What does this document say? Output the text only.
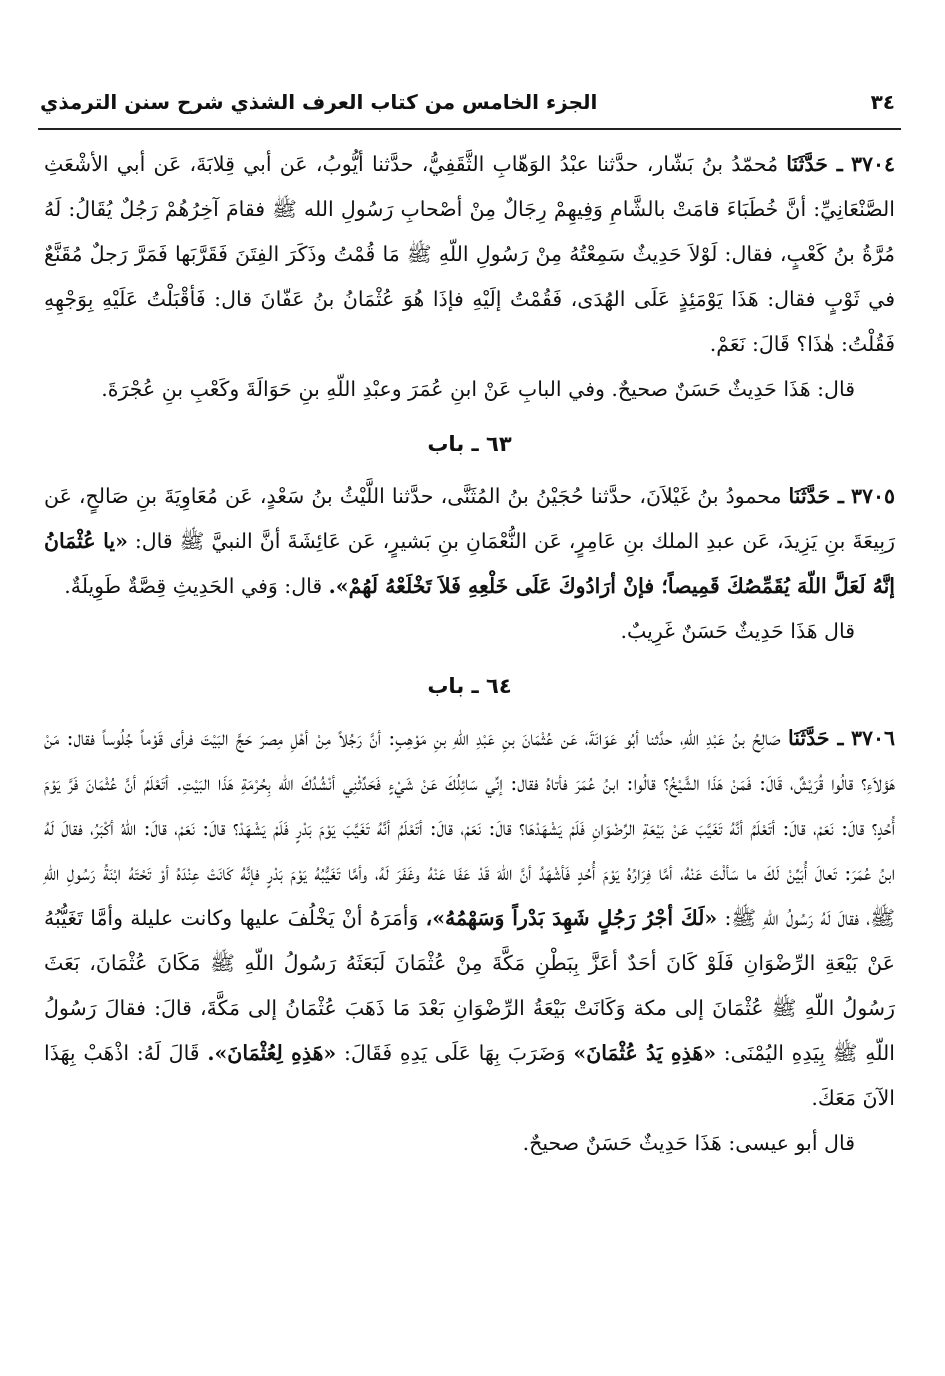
٣٤
الجزء الخامس من كتاب العرف الشذي شرح سنن الترمذي

٣٧٠٤ ـ حَدَّثَنَا مُحمّدُ بنُ بَشّار، حدَّثنا عبْدُ الوَهّابِ الثَّقَفِيُّ، حدَّثنا أيُّوبُ، عَن أبي قِلابَةَ، عَن أبي الأشْعَثِ الصَّنْعَانِيِّ: أنَّ خُطَبَاءَ قامَتْ بالشَّامِ وَفِيهِمْ رِجَالٌ مِنْ أصْحابِ رَسُولِ الله ﷺ فقامَ آخِرُهُمْ رَجُلٌ يُقَالُ: لَهُ مُرَّةُ بنُ كَعْبٍ، فقال: لَوْلاَ حَدِيثٌ سَمِعْتُهُ مِنْ رَسُولِ اللّهِ ﷺ مَا قُمْتُ وذَكَرَ الفِتَنَ فَقَرَّبَها فَمَرَّ رَجلٌ مُقَنَّعٌ في ثَوْبٍ فقال: هَذَا يَوْمَئِذٍ عَلَى الهُدَى، فَقُمْتُ إلَيْهِ فإذَا هُوَ عُثْمَانُ بنُ عَفّانَ قال: فَأقْبَلْتُ عَلَيْهِ بِوَجْهِهِ فَقُلْتُ: هٰذَا؟ قَالَ: نَعَمْ.

قال: هَذَا حَدِيثٌ حَسَنٌ صحيحٌ. وفي البابِ عَنْ ابنِ عُمَرَ وعبْدِ اللّهِ بنِ حَوَالَةَ وكَعْبِ بنِ عُجْرَةَ.

٦٣ ـ باب

٣٧٠٥ ـ حَدَّثَنَا محمودُ بنُ غَيْلاَنَ، حدَّثنا حُجَيْنُ بنُ المُثَنَّى، حدَّثنا اللَّيْثُ بنُ سَعْدٍ، عَن مُعَاوِيَةَ بنِ صَالحٍ، عَن رَبِيعَةَ بنِ يَزِيدَ، عَن عبدِ الملك بنِ عَامِرٍ، عَن النُّعْمَانِ بنِ بَشيرٍ، عَن عَائِشَةَ أنَّ النبيَّ ﷺ قال: «يا عُثْمَانُ إنَّهُ لَعَلَّ اللّهَ يُقَمِّصُكَ قَمِيصاً؛ فإنْ أرَادُوكَ عَلَى خَلْعِهِ فَلاَ تَخْلَعْهُ لَهُمْ». قال: وَفي الحَدِيثِ قِصَّةٌ طَوِيلَةٌ.

قال هَذَا حَدِيثٌ حَسَنٌ غَرِيبٌ.

٦٤ ـ باب

٣٧٠٦ ـ حَدَّثَنَا صَالِحُ بنُ عَبْدِ اللّهِ، حدَّثنا أبُو عَوَانَةَ، عَن عُثْمَانَ بنِ عَبْدِ اللّهِ بنِ مَوْهِبٍ: أنَّ رَجُلاً مِنْ أهْلِ مِصرَ حَجَّ البَيْتَ فرأى قَوْماً جُلُوساً فقال: مَنْ هَؤلاَءِ؟ قالُوا قُرَيْشٌ، قَالَ: فَمَنْ هَذَا الشَّيْخُ؟ قالُوا: ابنُ عُمَرَ فأتاهُ فقال: إنِّي سَائِلُكَ عَنْ شَيْءٍ فَحَدِّثْنِي أنْشُدُكَ الله بِحُرْمَةِ هَذَا البَيْتِ. أتَعْلَمُ أنَّ عُثْمَانَ فَرَّ يَوْمَ أُحُدٍ؟ قالَ: نَعَمْ، قالَ: أتَعْلَمُ أنَّهُ تَغَيَّبَ عَنْ بَيْعَةِ الرِّضْوَانِ فَلَمْ يَشْهَدْهَا؟ قالَ: نَعَمْ، قالَ: أتَعْلَمُ أنَّهُ تَغَيَّبَ يَوْمَ بَدْرٍ فَلَمْ يَشْهَدْ؟ قالَ: نَعَمْ، قالَ: اللّهُ أكْبَرُ، فقالَ لَهُ ابنُ عُمَرَ: تَعالَ أُبَيِّنْ لَكَ ما سَألْتَ عَنْهُ، أمَّا فِرَارُهُ يَوْمَ أُحُدٍ فَأشْهَدُ أنَّ اللّهَ قَدْ عَفَا عَنْهُ وغَفَرَ لَهُ، وأمَّا تَغَيُّبُهُ يَوْمَ بَدْرٍ فإنَّهُ كَانَتْ عِنْدَهُ أوْ تَحْتَهُ ابْنَةُ رَسُولِ اللّهِ ﷺ، فقالَ لَهُ رَسُولُ اللّهِ ﷺ: «لَكَ أجْرُ رَجُلٍ شَهِدَ بَدْراً وَسَهْمُهُ»، وَأمَرَهُ أنْ يَخْلُفَ عليها وكانت عليلة وأمَّا تَغَيُّبُهُ عَنْ بَيْعَةِ الرِّضْوَانِ فَلَوْ كَانَ أحَدٌ أعَزَّ بِبَطْنِ مَكَّةَ مِنْ عُثْمَانَ لَبَعَثَهُ رَسُولُ اللّهِ ﷺ مَكَانَ عُثْمَانَ، بَعَثَ رَسُولُ اللّهِ ﷺ عُثْمَانَ إلى مكة وَكَانَتْ بَيْعَةُ الرِّضْوَانِ بَعْدَ مَا ذَهَبَ عُثْمَانُ إلى مَكَّةَ، قالَ: فقالَ رَسُولُ اللّهِ ﷺ بِيَدِهِ اليُمْنَى: «هَذِهِ يَدُ عُثْمَانَ» وَضَرَبَ بِهَا عَلَى يَدِهِ فَقَالَ: «هَذِهِ لِعُثْمَانَ». قَالَ لَهُ: اذْهَبْ بِهَذَا الآنَ مَعَكَ.

قال أبو عيسى: هَذَا حَدِيثٌ حَسَنٌ صحيحٌ.
